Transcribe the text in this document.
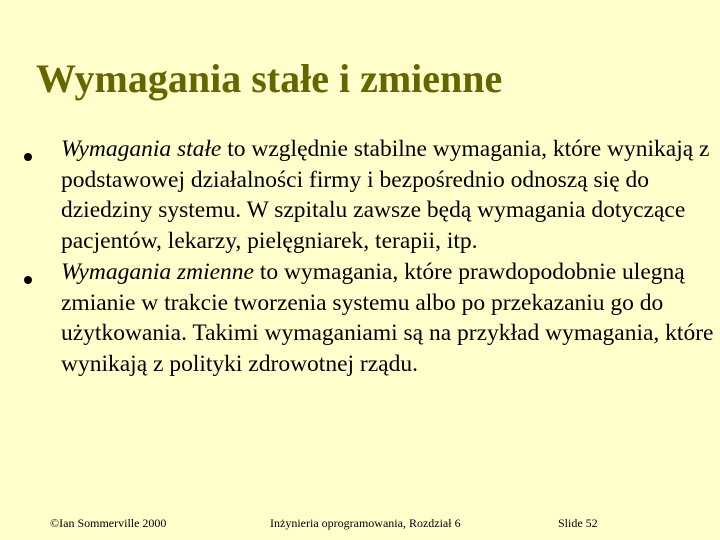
Wymagania stałe i zmienne
Wymagania stałe to względnie stabilne wymagania, które wynikają z podstawowej działalności firmy i bezpośrednio odnoszą się do dziedziny systemu. W szpitalu zawsze będą wymagania dotyczące pacjentów, lekarzy, pielęgniarek, terapii, itp.
Wymagania zmienne to wymagania, które prawdopodobnie ulegną zmianie w trakcie tworzenia systemu albo po przekazaniu go do użytkowania. Takimi wymaganiami są na przykład wymagania, które wynikają z polityki zdrowotnej rządu.
©Ian Sommerville 2000	Inżynieria oprogramowania, Rozdział 6	Slide 52
